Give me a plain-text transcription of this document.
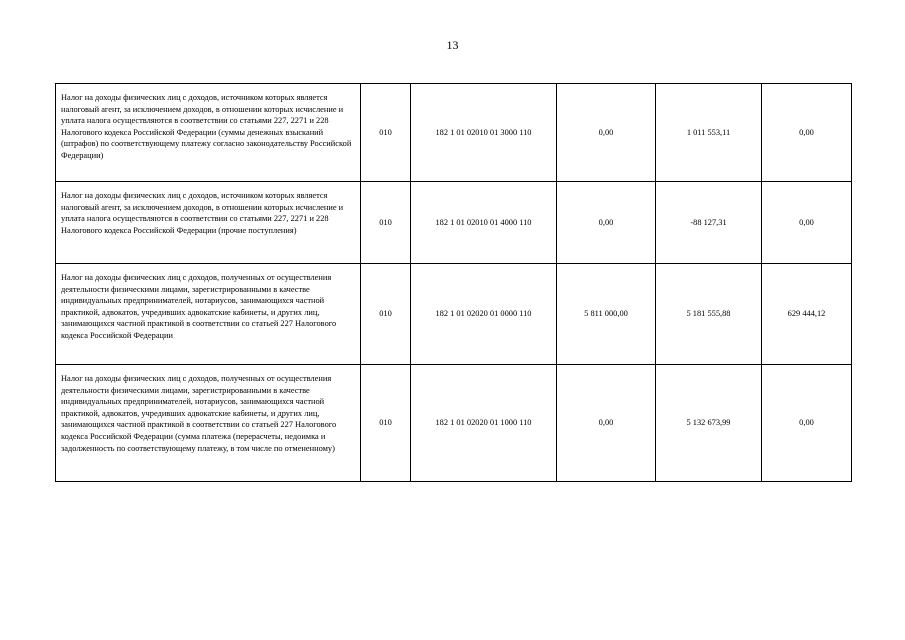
13
Налог на доходы физических лиц с доходов, источником которых является налоговый агент, за исключением доходов, в отношении которых исчисление и уплата налога осуществляются в соответствии со статьями 227, 2271 и 228 Налогового кодекса Российской Федерации (суммы денежных взысканий (штрафов) по соответствующему платежу согласно законодательству Российской Федерации)	010	182 1 01 02010 01 3000 110	0,00	1 011 553,11	0,00
Налог на доходы физических лиц с доходов, источником которых является налоговый агент, за исключением доходов, в отношении которых исчисление и уплата налога осуществляются в соответствии со статьями 227, 2271 и 228 Налогового кодекса Российской Федерации (прочие поступления)	010	182 1 01 02010 01 4000 110	0,00	-88 127,31	0,00
Налог на доходы физических лиц с доходов, полученных от осуществления деятельности физическими лицами, зарегистрированными в качестве индивидуальных предпринимателей, нотариусов, занимающихся частной практикой, адвокатов, учредивших адвокатские кабинеты, и других лиц, занимающихся частной практикой в соответствии со статьей 227 Налогового кодекса Российской Федерации	010	182 1 01 02020 01 0000 110	5 811 000,00	5 181 555,88	629 444,12
Налог на доходы физических лиц с доходов, полученных от осуществления деятельности физическими лицами, зарегистрированными в качестве индивидуальных предпринимателей, нотариусов, занимающихся частной практикой, адвокатов, учредивших адвокатские кабинеты, и других лиц, занимающихся частной практикой в соответствии со статьей 227 Налогового кодекса Российской Федерации (сумма платежа (перерасчеты, недоимка и задолженность по соответствующему платежу, в том числе по отмененному)	010	182 1 01 02020 01 1000 110	0,00	5 132 673,99	0,00
